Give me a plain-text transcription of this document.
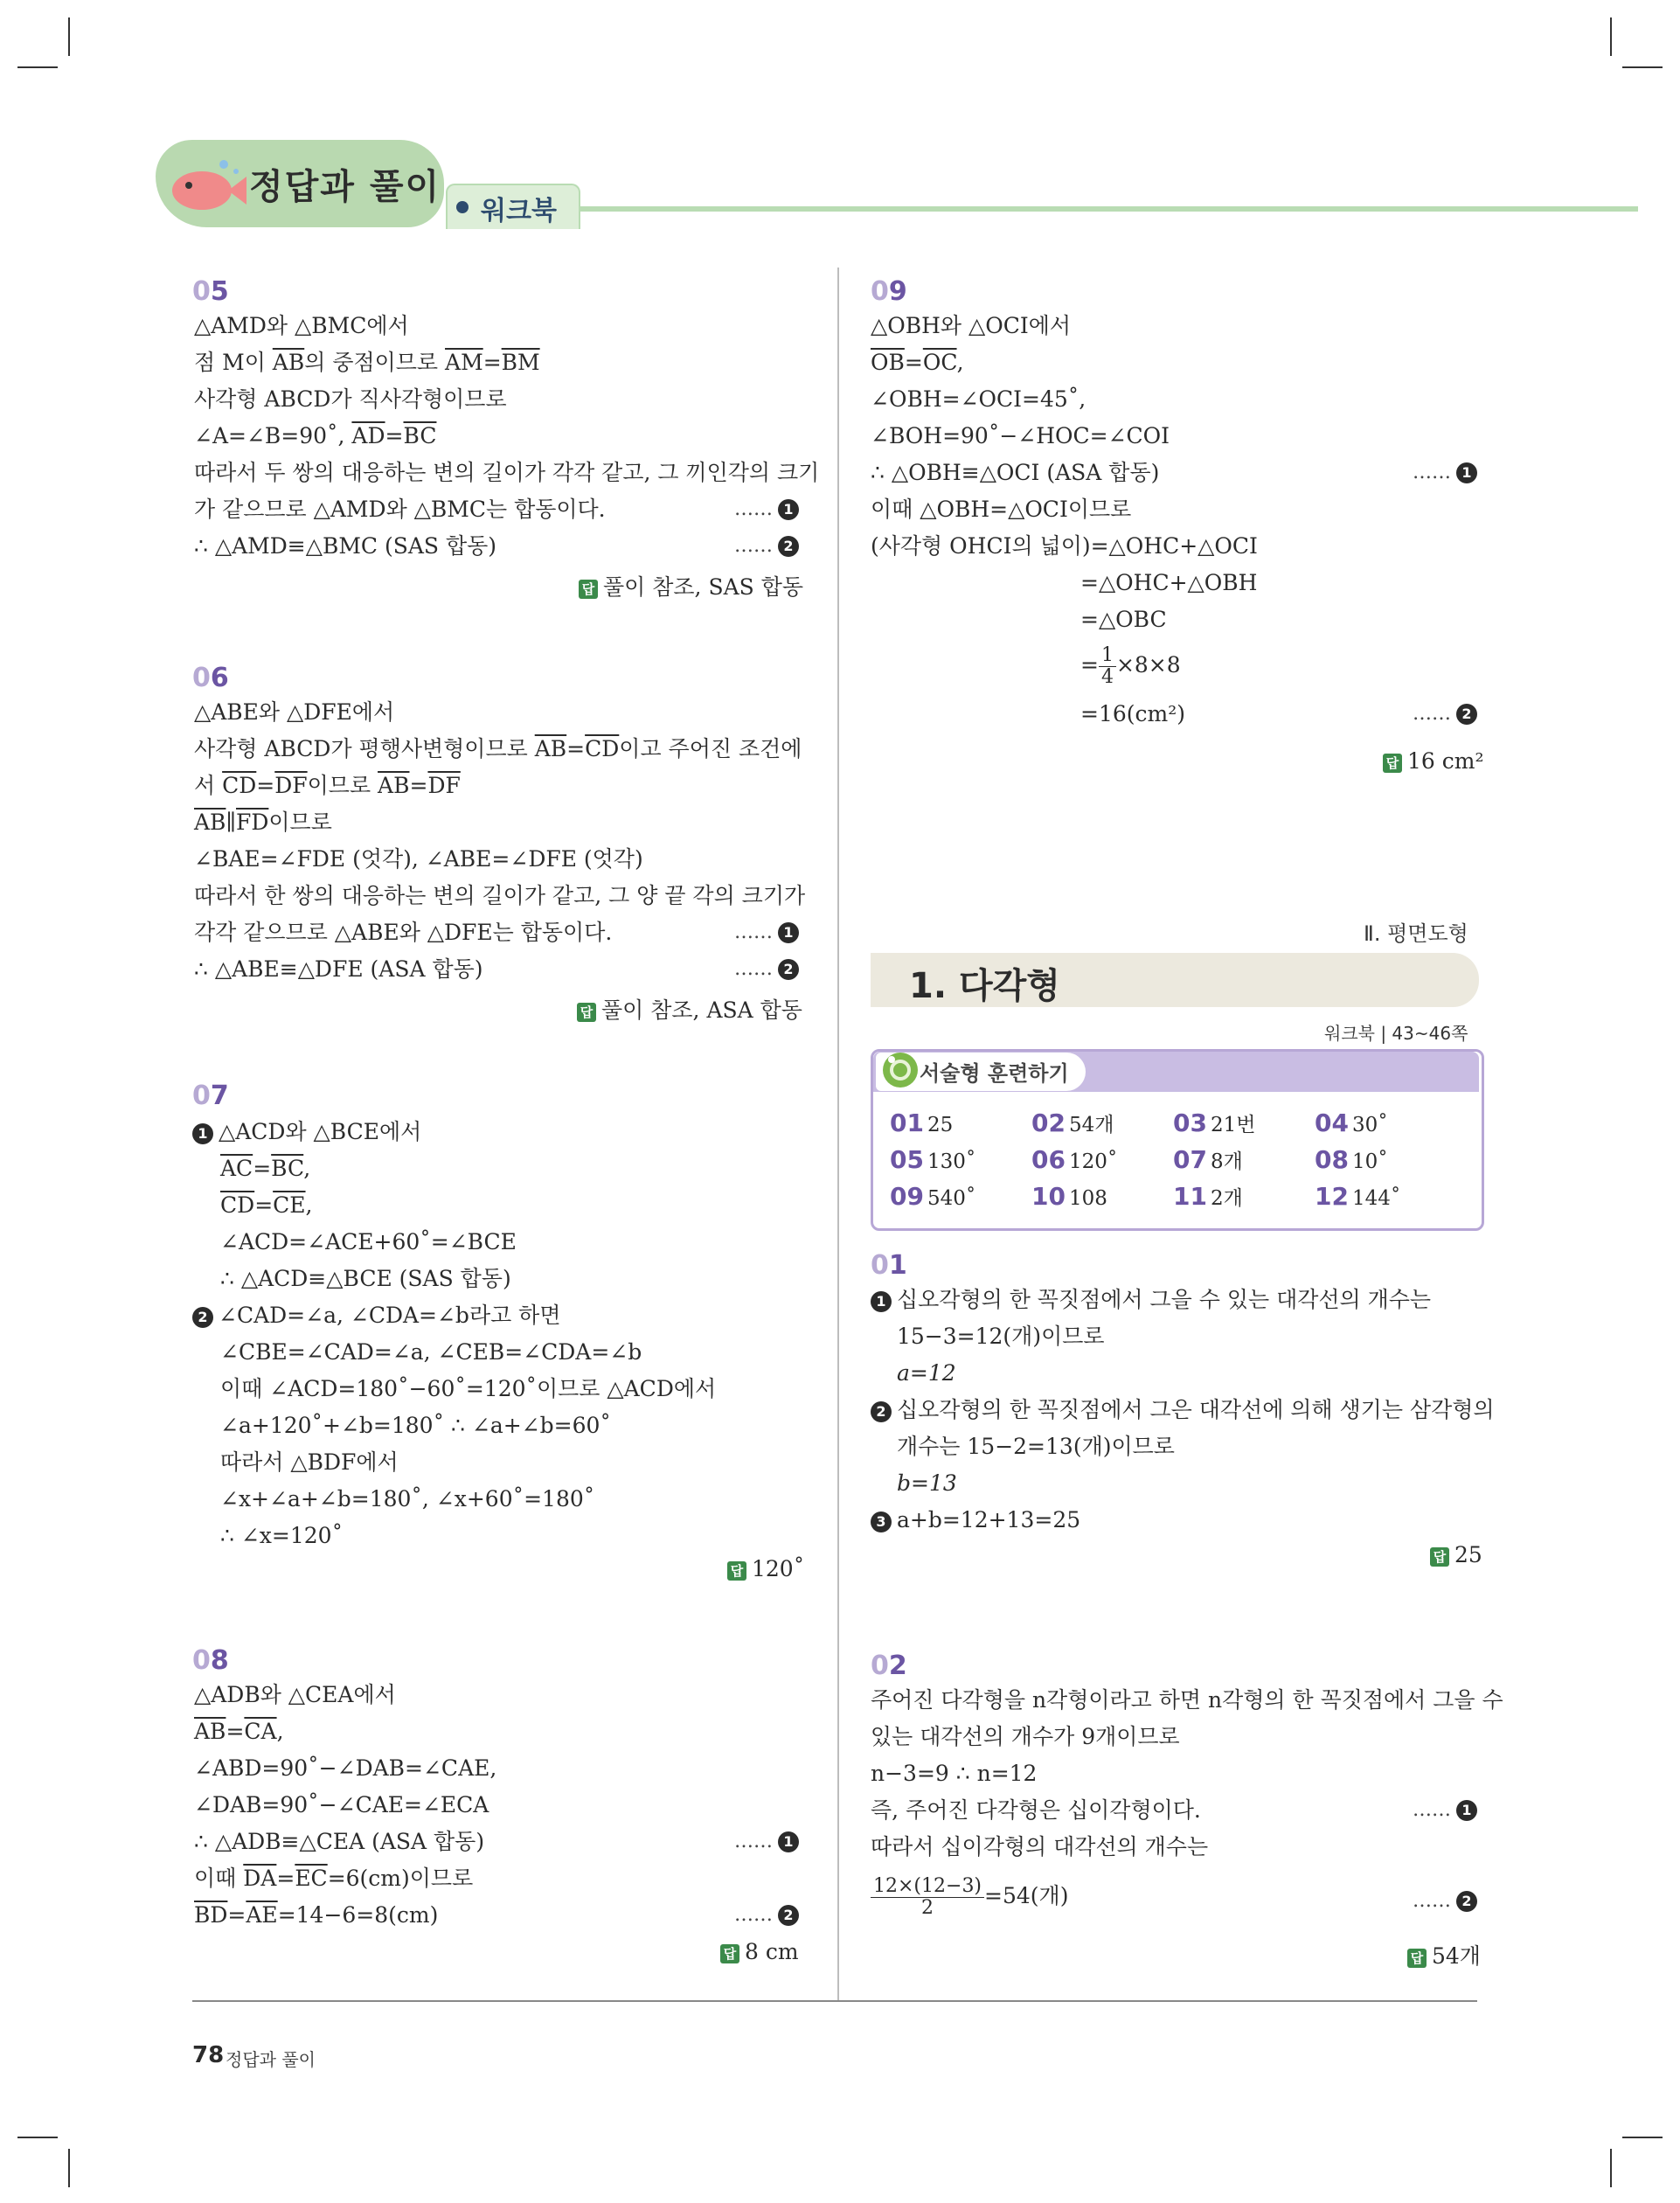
정답과 풀이
워크북
05
△AMD와 △BMC에서
점 M이 $\overline{AB}$의 중점이므로 $\overline{AM}=\overline{BM}$
사각형 ABCD가 직사각형이므로
∠A=∠B=90˚, $\overline{AD}=\overline{BC}$
따라서 두 쌍의 대응하는 변의 길이가 각각 같고, 그 끼인각의 크기
가 같으므로 △AMD와 △BMC는 합동이다.
∴ △AMD≡△BMC (SAS 합동)
…… 1
…… 2
답 풀이 참조, SAS 합동
06
△ABE와 △DFE에서
사각형 ABCD가 평행사변형이므로 $\overline{AB}=\overline{CD}$이고 주어진 조건에
서 $\overline{CD}=\overline{DF}$이므로 $\overline{AB}=\overline{DF}$
$\overline{AB}\parallel\overline{FD}$이므로
∠BAE=∠FDE (엇각), ∠ABE=∠DFE (엇각)
따라서 한 쌍의 대응하는 변의 길이가 같고, 그 양 끝 각의 크기가
각각 같으므로 △ABE와 △DFE는 합동이다.
∴ △ABE≡△DFE (ASA 합동)
…… 1
…… 2
답 풀이 참조, ASA 합동
07
1 △ACD와 △BCE에서
$\overline{AC}=\overline{BC}$,
$\overline{CD}=\overline{CE}$,
∠ACD=∠ACE+60˚=∠BCE
∴ △ACD≡△BCE (SAS 합동)
2 ∠CAD=∠a, ∠CDA=∠b라고 하면
∠CBE=∠CAD=∠a, ∠CEB=∠CDA=∠b
이때 ∠ACD=180˚−60˚=120˚이므로 △ACD에서
∠a+120˚+∠b=180˚ ∴ ∠a+∠b=60˚
따라서 △BDF에서
∠x+∠a+∠b=180˚, ∠x+60˚=180˚
∴ ∠x=120˚
답 120˚
08
△ADB와 △CEA에서
$\overline{AB}=\overline{CA}$,
∠ABD=90˚−∠DAB=∠CAE,
∠DAB=90˚−∠CAE=∠ECA
∴ △ADB≡△CEA (ASA 합동)
이때 $\overline{DA}=\overline{EC}=6(cm)$이므로
$\overline{BD}=\overline{AE}=14-6=8(cm)$
…… 1
…… 2
답 8 cm
09
△OBH와 △OCI에서
$\overline{OB}=\overline{OC}$,
∠OBH=∠OCI=45˚,
∠BOH=90˚−∠HOC=∠COI
∴ △OBH≡△OCI (ASA 합동)
이때 △OBH=△OCI이므로
(사각형 OHCI의 넓이)=△OHC+△OCI
=△OHC+△OBH
=△OBC
= $\frac{1}{4} \times 8\times 8$
=16(cm²)
…… 1
…… 2
답 16 cm²
Ⅱ. 평면도형
1. 다각형
워크북 | 43~46쪽
서술형 훈련하기
01 25	02 54개 03 21번 04 30˚
05 130˚ 06 120˚ 07 8개	08 10˚
09 540˚ 10 108	11 2개	12 144˚
01
1 십오각형의 한 꼭짓점에서 그을 수 있는 대각선의 개수는
15−3=12(개)이므로
a=12
2 십오각형의 한 꼭짓점에서 그은 대각선에 의해 생기는 삼각형의
개수는 15−2=13(개)이므로
b=13
3 a+b=12+13=25
답 25
02
주어진 다각형을 n각형이라고 하면 n각형의 한 꼭짓점에서 그을 수
있는 대각선의 개수가 9개이므로
n−3=9 ∴ n=12
즉, 주어진 다각형은 십이각형이다.
따라서 십이각형의 대각선의 개수는
$\frac{12\times(12-3)}{2} =54$(개)
…… 1
…… 2
답 54개
78 정답과 풀이
